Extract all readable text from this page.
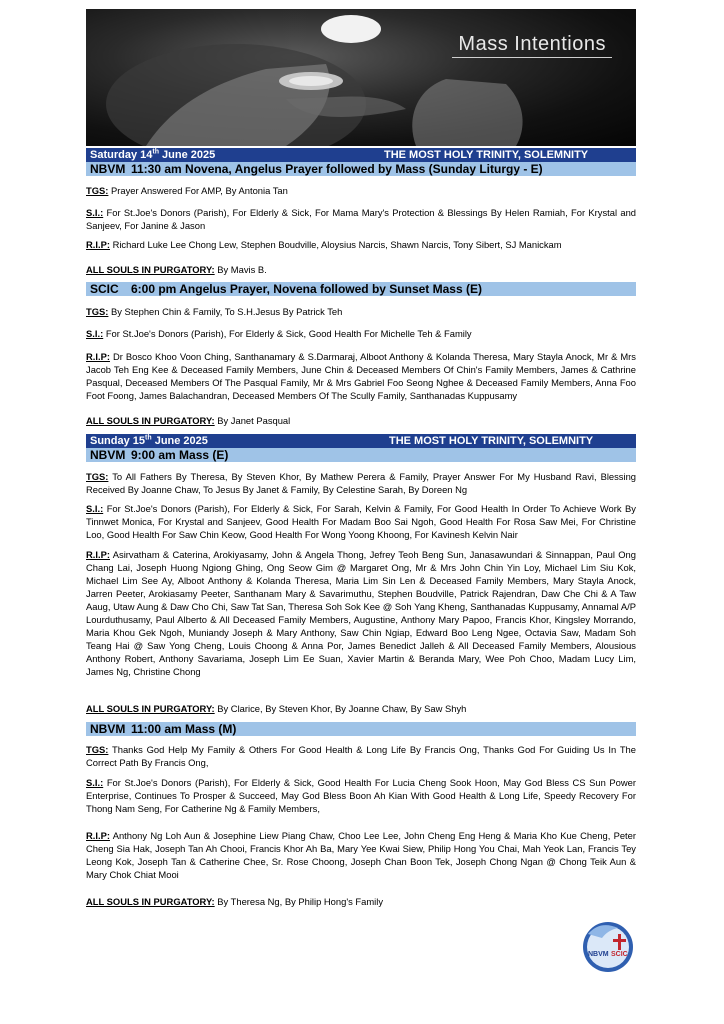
Mass Intentions
Saturday 14th June 2025	THE MOST HOLY TRINITY, SOLEMNITY
NBVM 11:30 am Novena, Angelus Prayer followed by Mass (Sunday Liturgy - E)
TGS: Prayer Answered For AMP, By Antonia Tan
S.I.: For St.Joe's Donors (Parish), For Elderly & Sick, For Mama Mary's Protection & Blessings By Helen Ramiah, For Krystal and Sanjeev, For Janine & Jason
R.I.P: Richard Luke Lee Chong Lew, Stephen Boudville, Aloysius Narcis, Shawn Narcis, Tony Sibert, SJ Manickam
ALL SOULS IN PURGATORY: By Mavis B.
SCIC 6:00 pm Angelus Prayer, Novena followed by Sunset Mass (E)
TGS: By Stephen Chin & Family, To S.H.Jesus By Patrick Teh
S.I.: For St.Joe's Donors (Parish), For Elderly & Sick, Good Health For Michelle Teh & Family
R.I.P: Dr Bosco Khoo Voon Ching, Santhanamary & S.Darmaraj, Alboot Anthony & Kolanda Theresa, Mary Stayla Anock, Mr & Mrs Jacob Teh Eng Kee & Deceased Family Members, June Chin & Deceased Members Of Chin's Family Members, James & Cathrine Pasqual, Deceased Members Of The Pasqual Family, Mr & Mrs Gabriel Foo Seong Nghee & Deceased Family Members, Anna Foo Foot Foong, James Balachandran, Deceased Members Of The Scully Family, Santhanadas Kuppusamy
ALL SOULS IN PURGATORY: By Janet Pasqual
Sunday 15th June 2025	THE MOST HOLY TRINITY, SOLEMNITY
NBVM 9:00 am Mass (E)
TGS: To All Fathers By Theresa, By Steven Khor, By Mathew Perera & Family, Prayer Answer For My Husband Ravi, Blessing Received By Joanne Chaw, To Jesus By Janet & Family, By Celestine Sarah, By Doreen Ng
S.I.: For St.Joe's Donors (Parish), For Elderly & Sick, For Sarah, Kelvin & Family, For Good Health In Order To Achieve Work By Tinnwet Monica, For Krystal and Sanjeev, Good Health For Madam Boo Sai Ngoh, Good Health For Rosa Saw Mei, For Christine Loo, Good Health For Saw Chin Keow, Good Health For Wong Yoong Khoong, For Kavinesh Kelvin Nair
R.I.P: Asirvatham & Caterina, Arokiyasamy, John & Angela Thong, Jefrey Teoh Beng Sun, Janasawundari & Sinnappan, Paul Ong Chang Lai, Joseph Huong Ngiong Ghing, Ong Seow Gim @ Margaret Ong, Mr & Mrs John Chin Yin Loy, Michael Lim Siu Kok, Michael Lim See Ay, Alboot Anthony & Kolanda Theresa, Maria Lim Sin Len & Deceased Family Members, Mary Stayla Anock, Jarren Peeter, Arokiasamy Peeter, Santhanam Mary & Savarimuthu, Stephen Boudville, Patrick Rajendran, Daw Che Chi & A Taw Aaug, Utaw Aung & Daw Cho Chi, Saw Tat San, Theresa Soh Sok Kee @ Soh Yang Kheng, Santhanadas Kuppusamy, Annamal A/P Lourduthusamy, Paul Alberto & All Deceased Family Members, Augustine, Anthony Mary Papoo, Francis Khor, Kingsley Morrando, Maria Khou Gek Ngoh, Muniandy Joseph & Mary Anthony, Saw Chin Ngiap, Edward Boo Leng Ngee, Octavia Saw, Madam Soh Teang Hai @ Saw Yong Cheng, Louis Choong & Anna Por, James Benedict Jalleh & All Deceased Family Members, Alousious Anthony Robert, Anthony Savariama, Joseph Lim Ee Suan, Xavier Martin & Beranda Mary, Wee Poh Choo, Madam Lucy Lim, James Ng, Christine Chong
ALL SOULS IN PURGATORY: By Clarice, By Steven Khor, By Joanne Chaw, By Saw Shyh
NBVM 11:00 am Mass (M)
TGS: Thanks God Help My Family & Others For Good Health & Long Life By Francis Ong, Thanks God For Guiding Us In The Correct Path By Francis Ong,
S.I.: For St.Joe's Donors (Parish), For Elderly & Sick, Good Health For Lucia Cheng Sook Hoon, May God Bless CS Sun Power Enterprise, Continues To Prosper & Succeed, May God Bless Boon Ah Kian With Good Health & Long Life, Speedy Recovery For Thong Nam Seng, For Catherine Ng & Family Members,
R.I.P: Anthony Ng Loh Aun & Josephine Liew Piang Chaw, Choo Lee Lee, John Cheng Eng Heng & Maria Kho Kue Cheng, Peter Cheng Sia Hak, Joseph Tan Ah Chooi, Francis Khor Ah Ba, Mary Yee Kwai Siew, Philip Hong You Chai, Mah Yeok Lan, Francis Tey Leong Kok, Joseph Tan & Catherine Chee, Sr. Rose Choong, Joseph Chan Boon Tek, Joseph Chong Ngan @ Chong Teik Aun & Mary Chok Chiat Mooi
ALL SOULS IN PURGATORY: By Theresa Ng, By Philip Hong's Family
NBVM SCIC
